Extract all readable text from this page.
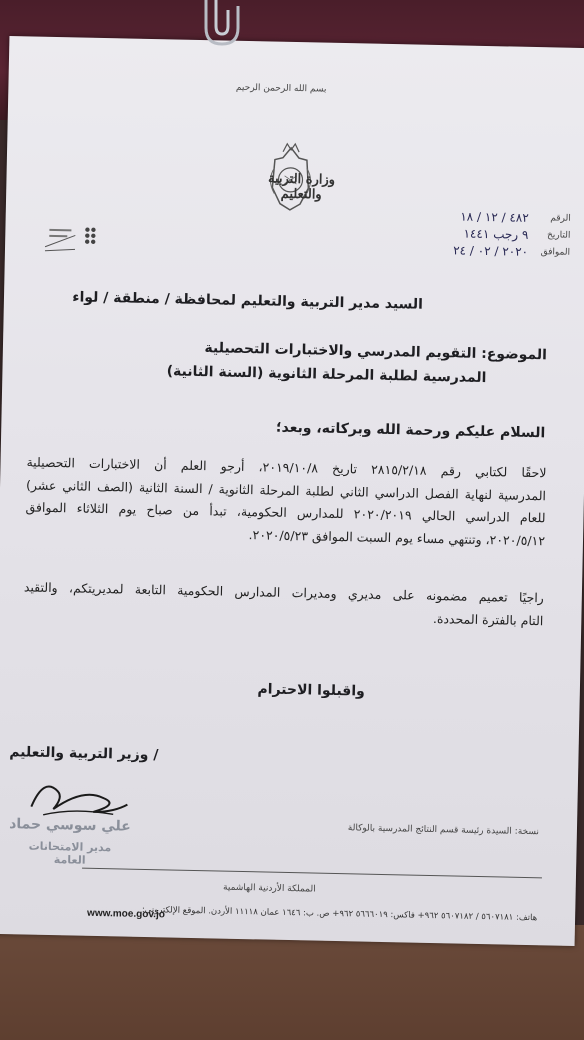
بسم الله الرحمن الرحيم
وزارة التربية والتعليم
الرقم
٤٨٢ / ١٢ / ١٨
التاريخ
٩ رجب ١٤٤١
الموافق
٢٠٢٠ / ٠٢ / ٢٤
السيد مدير التربية والتعليم لمحافظة / منطقة / لواء
الموضوع: التقويم المدرسي والاختبارات التحصيلية
المدرسية لطلبة المرحلة الثانوية (السنة الثانية)
السلام عليكم ورحمة الله وبركاته، وبعد؛
لاحقًا لكتابي رقم ٢٨١٥/٢/١٨ تاريخ ٢٠١٩/١٠/٨، أرجو العلم أن الاختبارات التحصيلية
المدرسية لنهاية الفصل الدراسي الثاني لطلبة المرحلة الثانوية / السنة الثانية (الصف الثاني عشر)
للعام الدراسي الحالي ٢٠٢٠/٢٠١٩ للمدارس الحكومية، تبدأ من صباح يوم الثلاثاء الموافق
٢٠٢٠/٥/١٢، وتنتهي مساء يوم السبت الموافق ٢٠٢٠/٥/٢٣.
راجيًا تعميم مضمونه على مديري ومديرات المدارس الحكومية التابعة لمديريتكم، والتقيد
التام بالفترة المحددة.
واقبلوا الاحترام
/ وزير التربية والتعليم
علي سوسي حماد
مدير الامتحانات العامة
نسخة: السيدة رئيسة قسم النتائج المدرسية بالوكالة
المملكة الأردنية الهاشمية
هاتف: ٥٦٠٧١٨١ / ٥٦٠٧١٨٢ ٩٦٢+ فاكس: ٥٦٦٦٠١٩ ٩٦٢+ ص. ب: ١٦٤٦ عمان ١١١١٨ الأردن. الموقع الإلكتروني:
www.moe.gov.jo
